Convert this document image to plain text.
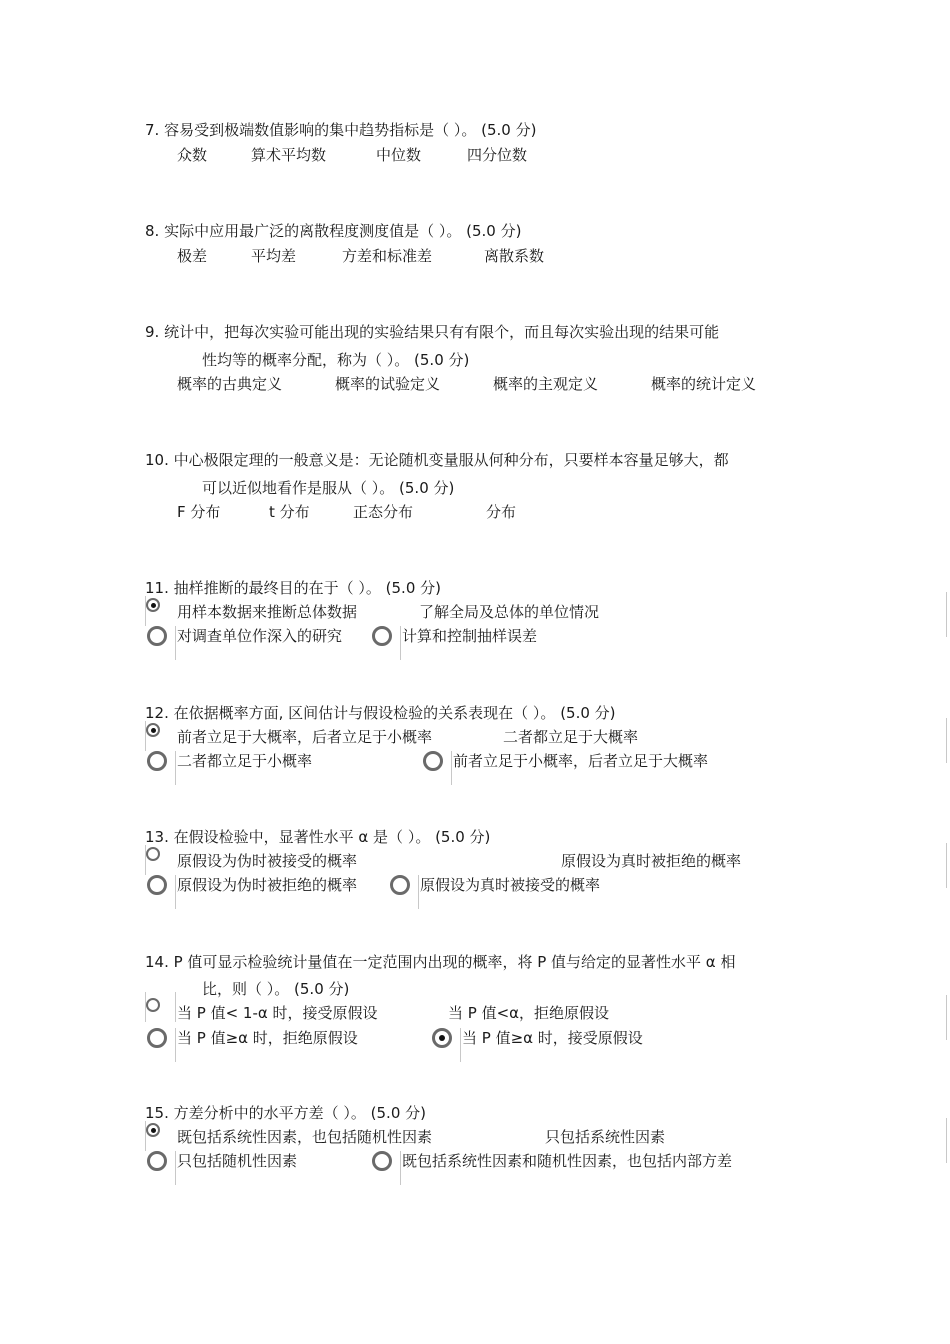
7. 容易受到极端数值影响的集中趋势指标是（ ）。 (5.0 分)
众数	算术平均数	中位数	四分位数
8. 实际中应用最广泛的离散程度测度值是（ ）。 (5.0 分)
极差	平均差	方差和标准差	离散系数
9. 统计中，把每次实验可能出现的实验结果只有有限个，而且每次实验出现的结果可能
性均等的概率分配，称为（ ）。 (5.0 分)
概率的古典定义	概率的试验定义	概率的主观定义	概率的统计定义
10. 中心极限定理的一般意义是：无论随机变量服从何种分布，只要样本容量足够大，都
可以近似地看作是服从（ ）。 (5.0 分)
F 分布	t 分布	正态分布	分布
11. 抽样推断的最终目的在于（ ）。 (5.0 分)
用样本数据来推断总体数据	了解全局及总体的单位情况
对调查单位作深入的研究	计算和控制抽样误差
12. 在依据概率方面, 区间估计与假设检验的关系表现在（ ）。 (5.0 分)
前者立足于大概率，后者立足于小概率	二者都立足于大概率
二者都立足于小概率	前者立足于小概率，后者立足于大概率
13. 在假设检验中，显著性水平 α 是（ ）。 (5.0 分)
原假设为伪时被接受的概率	原假设为真时被拒绝的概率
原假设为伪时被拒绝的概率	原假设为真时被接受的概率
14. P 值可显示检验统计量值在一定范围内出现的概率，将 P 值与给定的显著性水平 α 相
比，则（ ）。 (5.0 分)
当 P 值< 1-α 时，接受原假设	当 P 值<α，拒绝原假设
当 P 值≥α 时，拒绝原假设	当 P 值≥α 时，接受原假设
15. 方差分析中的水平方差（ ）。 (5.0 分)
既包括系统性因素，也包括随机性因素	只包括系统性因素
只包括随机性因素	既包括系统性因素和随机性因素，也包括内部方差
